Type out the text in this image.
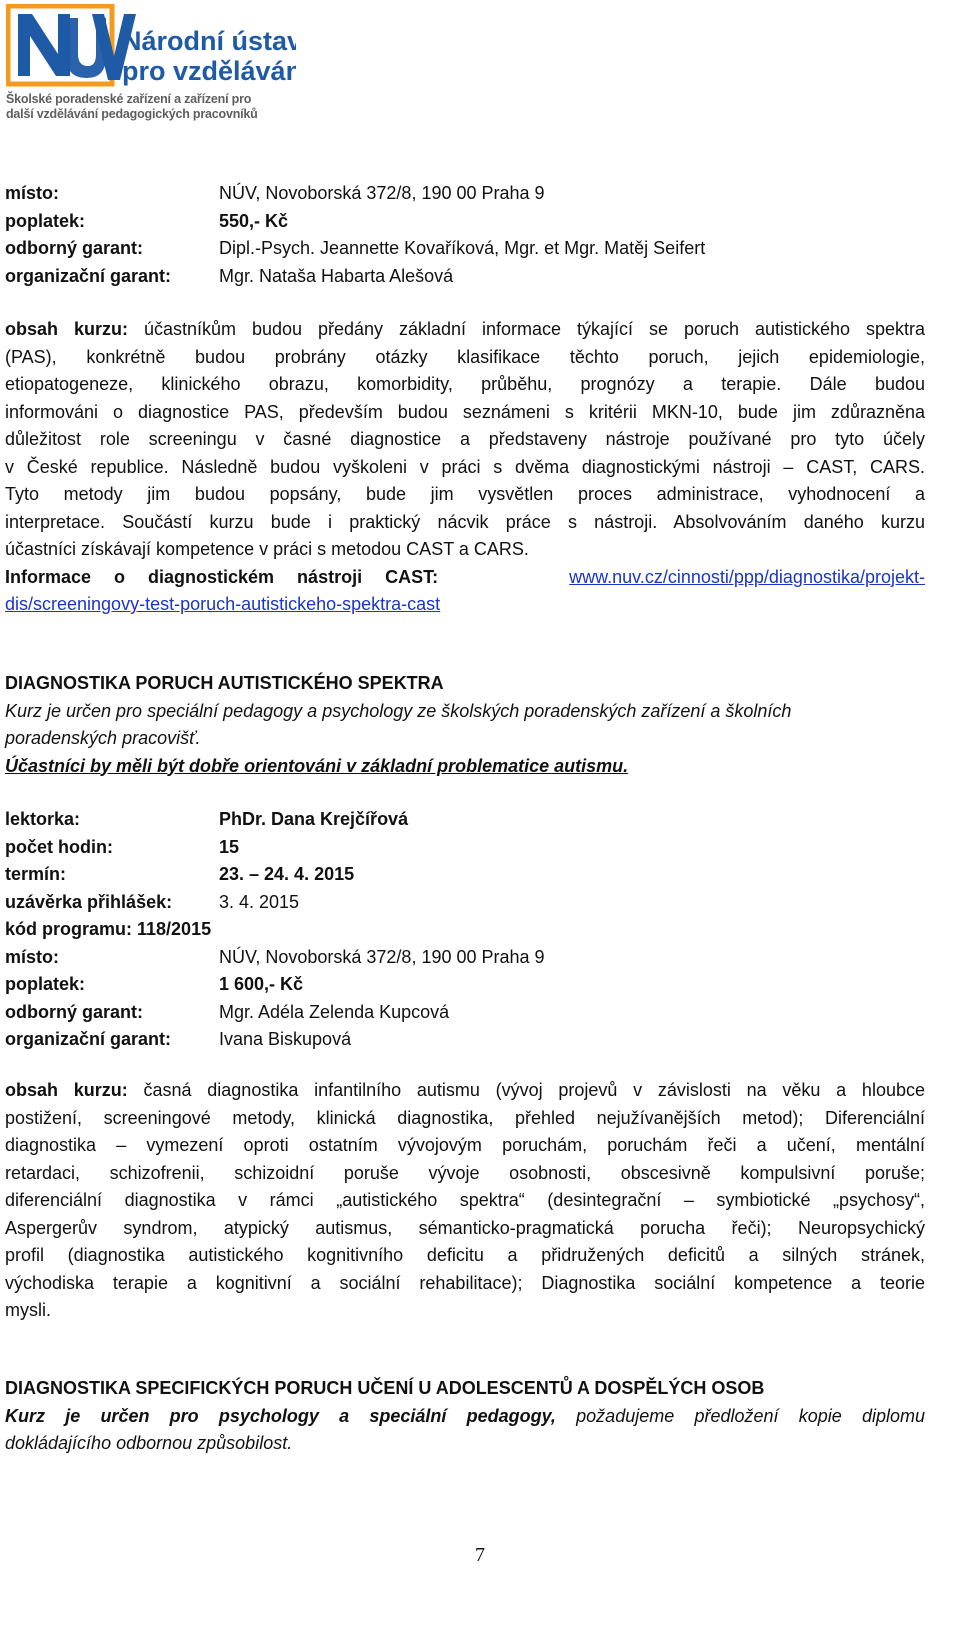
Národní ústav
pro vzdělávání
Školské poradenské zařízení a zařízení pro
další vzdělávání pedagogických pracovníků
místo:	NÚV, Novoborská 372/8, 190 00 Praha 9
poplatek:	550,- Kč
odborný garant:	Dipl.-Psych. Jeannette Kovaříková, Mgr. et Mgr. Matěj Seifert
organizační garant:	Mgr. Nataša Habarta Alešová
obsah kurzu: účastníkům budou předány základní informace týkající se poruch autistického spektra
(PAS), konkrétně budou probrány otázky klasifikace těchto poruch, jejich epidemiologie,
etiopatogeneze, klinického obrazu, komorbidity, průběhu, prognózy a terapie. Dále budou
informováni o diagnostice PAS, především budou seznámeni s kritérii MKN-10, bude jim zdůrazněna
důležitost role screeningu v časné diagnostice a představeny nástroje používané pro tyto účely
v České republice. Následně budou vyškoleni v práci s dvěma diagnostickými nástroji – CAST, CARS.
Tyto metody jim budou popsány, bude jim vysvětlen proces administrace, vyhodnocení a
interpretace. Součástí kurzu bude i praktický nácvik práce s nástroji. Absolvováním daného kurzu
účastníci získávají kompetence v práci s metodou CAST a CARS.
Informace o diagnostickém nástroji CAST:	www.nuv.cz/cinnosti/ppp/diagnostika/projekt-
dis/screeningovy-test-poruch-autistickeho-spektra-cast
DIAGNOSTIKA PORUCH AUTISTICKÉHO SPEKTRA
Kurz je určen pro speciální pedagogy a psychology ze školských poradenských zařízení a školních
poradenských pracovišť.
Účastníci by měli být dobře orientováni v základní problematice autismu.
lektorka:	PhDr. Dana Krejčířová
počet hodin:	15
termín:	23. – 24. 4. 2015
uzávěrka přihlášek:	3. 4. 2015
kód programu: 118/2015
místo:	NÚV, Novoborská 372/8, 190 00 Praha 9
poplatek:	1 600,- Kč
odborný garant:	Mgr. Adéla Zelenda Kupcová
organizační garant:	Ivana Biskupová
obsah kurzu: časná diagnostika infantilního autismu (vývoj projevů v závislosti na věku a hloubce
postižení, screeningové metody, klinická diagnostika, přehled nejužívanějších metod); Diferenciální
diagnostika – vymezení oproti ostatním vývojovým poruchám, poruchám řeči a učení, mentální
retardaci, schizofrenii, schizoidní poruše vývoje osobnosti, obscesivně kompulsivní poruše;
diferenciální diagnostika v rámci „autistického spektra“ (desintegrační – symbiotické „psychosy“,
Aspergerův syndrom, atypický autismus, sémanticko-pragmatická porucha řeči); Neuropsychický
profil (diagnostika autistického kognitivního deficitu a přidružených deficitů a silných stránek,
východiska terapie a kognitivní a sociální rehabilitace); Diagnostika sociální kompetence a teorie
mysli.
DIAGNOSTIKA SPECIFICKÝCH PORUCH UČENÍ U ADOLESCENTŮ A DOSPĚLÝCH OSOB
Kurz je určen pro psychology a speciální pedagogy, požadujeme předložení kopie diplomu
dokládajícího odbornou způsobilost.
7
